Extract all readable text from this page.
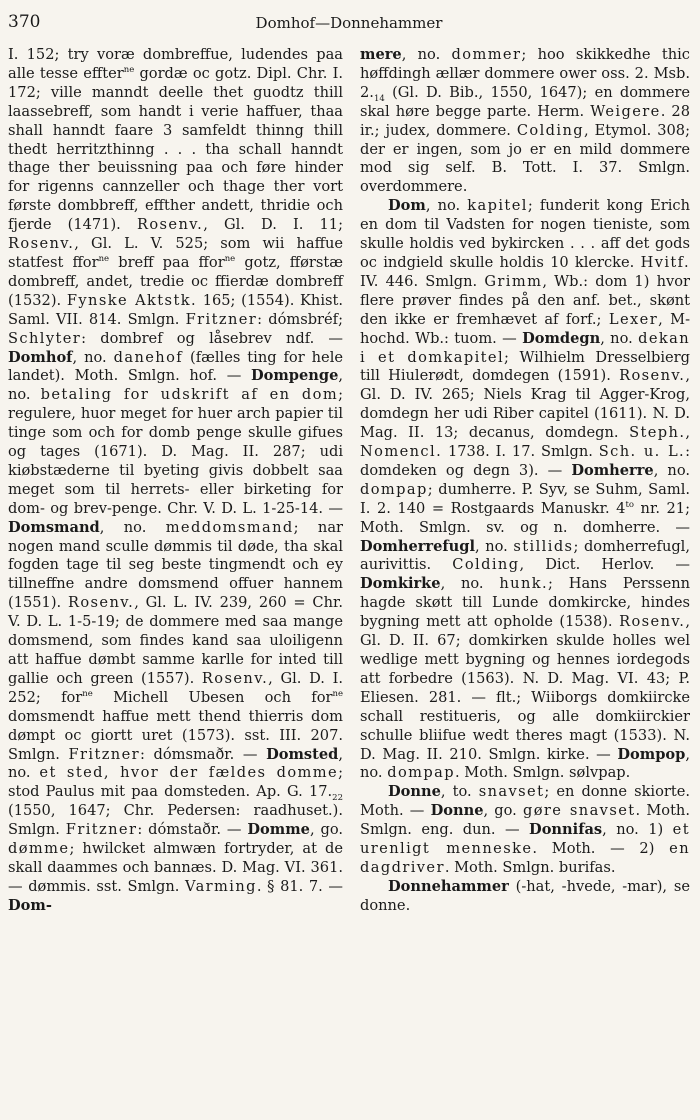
370	Domhof—Donnehammer

I. 152; try voræ dombreffue, ludendes paa alle tesse effter$^{ne}$ gordæ oc gotz. Dipl. Chr. I. 172; ville manndt deelle thet guodtz thill laassebreff, som handt i verie haffuer, thaa shall hanndt faare 3 samfeldt thinng thill thedt herritzthinng . . . tha schall hanndt thage ther beuissning paa och føre hinder for rigenns cannzeller och thage ther vort første dombbreff, effther andett, thridie och fjerde (1471). Rosenv., Gl. D. I. 11; Rosenv., Gl. L. V. 525; som wii haffue statfest ffor$^{ne}$ breff paa ffor$^{ne}$ gotz, fførstæ dombreff, andet, tredie oc ffierdæ dombreff (1532). Fynske Aktstk. 165; (1554). Khist. Saml. VII. 814. Smlgn. Fritzner: dómsbréf; Schlyter: dombref og låsebrev ndf. — Domhof, no. danehof (fælles ting for hele landet). Moth. Smlgn. hof. — Dompenge, no. betaling for udskrift af en dom; regulere, huor meget for huer arch papier til tinge som och for domb penge skulle gifues og tages (1671). D. Mag. II. 287; udi kiøbstæderne til byeting givis dobbelt saa meget som til herrets- eller birketing for dom- og brev-penge. Chr. V. D. L. 1-25-14. — Domsmand, no. meddomsmand; nar nogen mand sculle dømmis til døde, tha skal fogden tage til seg beste tingmendt och ey tillneffne andre domsmend offuer hannem (1551). Rosenv., Gl. L. IV. 239, 260 = Chr. V. D. L. 1-5-19; de dommere med saa mange domsmend, som findes kand saa uloiligenn att haffue dømbt samme karlle for inted till gallie och green (1557). Rosenv., Gl. D. I. 252; for$^{ne}$ Michell Ubesen och for$^{ne}$ domsmendt haffue mett thend thierris dom dømpt oc giortt uret (1573). sst. III. 207. Smlgn. Fritzner: dómsmaðr. — Domsted, no. et sted, hvor der fældes domme; stod Paulus mit paa domsteden. Ap. G. $17._{22}$ (1550, 1647; Chr. Pedersen: raadhuset.). Smlgn. Fritzner: dómstaðr. — Domme, go. dømme; hwilcket almwæn fortryder, at de skall daammes och bannæs. D. Mag. VI. 361. — dømmis. sst. Smlgn. Varming. § 81. 7. — Dom-

mere, no. dommer; hoo skikkedhe thic høffdingh ællær dommere ower oss. 2. Msb. $2._{14}$ (Gl. D. Bib., 1550, 1647); en dommere skal høre begge parte. Herm. Weigere. 28 ir.; judex, dommere. Colding, Etymol. 308; der er ingen, som jo er en mild dommere mod sig self. B. Tott. I. 37. Smlgn. overdommere.

Dom, no. kapitel; funderit kong Erich en dom til Vadsten for nogen tieniste, som skulle holdis ved bykircken . . . aff det gods oc indgield skulle holdis 10 klercke. Hvitf. IV. 446. Smlgn. Grimm, Wb.: dom 1) hvor flere prøver findes på den anf. bet., skønt den ikke er fremhævet af forf.; Lexer, M-hochd. Wb.: tuom. — Domdegn, no. dekan i et domkapitel; Wilhielm Dresselbierg till Hiulerødt, domdegen (1591). Rosenv., Gl. D. IV. 265; Niels Krag til Agger-Krog, domdegn her udi Riber capitel (1611). N. D. Mag. II. 13; decanus, domdegn. Steph., Nomencl. 1738. I. 17. Smlgn. Sch. u. L.: domdeken og degn 3). — Domherre, no. dompap; dumherre. P. Syv, se Suhm, Saml. I. 2. 140 = Rostgaards Manuskr. $4^{to}$ nr. 21; Moth. Smlgn. sv. og n. domherre. — Domherrefugl, no. stillids; domherrefugl, aurivittis. Colding, Dict. Herlov. — Domkirke, no. hunk.; Hans Perssenn hagde skøtt till Lunde domkircke, hindes bygning mett att opholde (1538). Rosenv., Gl. D. II. 67; domkirken skulde holles wel wedlige mett bygning og hennes iordegods att forbedre (1563). N. D. Mag. VI. 43; P. Eliesen. 281. — flt.; Wiiborgs domkiircke schall restitueris, og alle domkiirckier schulle bliifue wedt theres magt (1533). N. D. Mag. II. 210. Smlgn. kirke. — Dompop, no. dompap. Moth. Smlgn. sølvpap.

Donne, to. snavset; en donne skiorte. Moth. — Donne, go. gøre snavset. Moth. Smlgn. eng. dun. — Donnifas, no. 1) et urenligt menneske. Moth. — 2) en dagdriver. Moth. Smlgn. burifas.

Donnehammer (-hat, -hvede, -mar), se donne.
